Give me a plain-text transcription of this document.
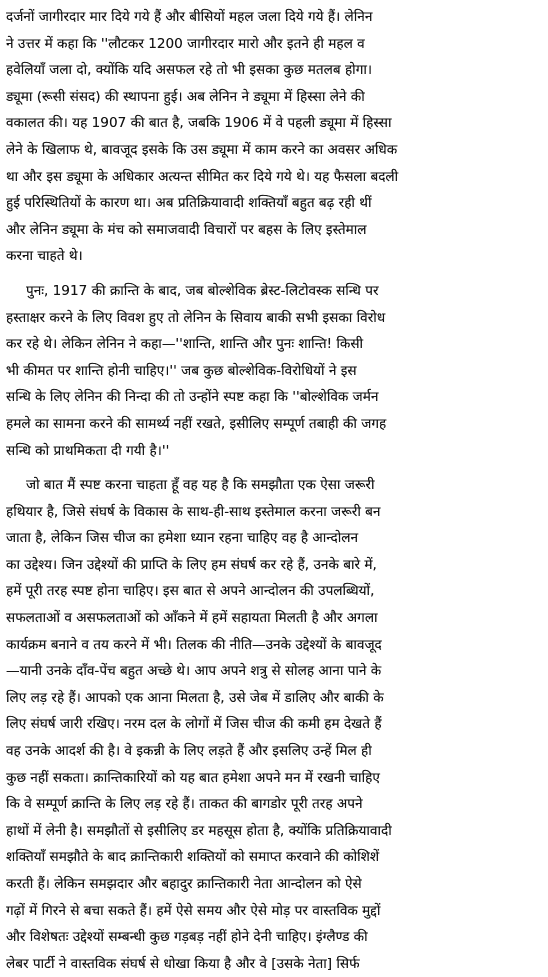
दर्जनों जागीरदार मार दिये गये हैं और बीसियों महल जला दिये गये हैं। लेनिन
ने उत्तर में कहा कि ''लौटकर 1200 जागीरदार मारो और इतने ही महल व
हवेलियाँ जला दो, क्योंकि यदि असफल रहे तो भी इसका कुछ मतलब होगा।
ड्यूमा (रूसी संसद) की स्थापना हुई। अब लेनिन ने ड्यूमा में हिस्सा लेने की
वकालत की। यह 1907 की बात है, जबकि 1906 में वे पहली ड्यूमा में हिस्सा
लेने के खिलाफ थे, बावजूद इसके कि उस ड्यूमा में काम करने का अवसर अधिक
था और इस ड्यूमा के अधिकार अत्यन्त सीमित कर दिये गये थे। यह फैसला बदली
हुई परिस्थितियों के कारण था। अब प्रतिक्रियावादी शक्तियाँ बहुत बढ़ रही थीं
और लेनिन ड्यूमा के मंच को समाजवादी विचारों पर बहस के लिए इस्तेमाल
करना चाहते थे।
पुनः, 1917 की क्रान्ति के बाद, जब बोल्शेविक ब्रेस्ट-लिटोवस्क सन्धि पर
हस्ताक्षर करने के लिए विवश हुए तो लेनिन के सिवाय बाकी सभी इसका विरोध
कर रहे थे। लेकिन लेनिन ने कहा—''शान्ति, शान्ति और पुनः शान्ति! किसी
भी कीमत पर शान्ति होनी चाहिए।'' जब कुछ बोल्शेविक-विरोधियों ने इस
सन्धि के लिए लेनिन की निन्दा की तो उन्होंने स्पष्ट कहा कि ''बोल्शेविक जर्मन
हमले का सामना करने की सामर्थ्य नहीं रखते, इसीलिए सम्पूर्ण तबाही की जगह
सन्धि को प्राथमिकता दी गयी है।''
जो बात मैं स्पष्ट करना चाहता हूँ वह यह है कि समझौता एक ऐसा जरूरी
हथियार है, जिसे संघर्ष के विकास के साथ-ही-साथ इस्तेमाल करना जरूरी बन
जाता है, लेकिन जिस चीज का हमेशा ध्यान रहना चाहिए वह है आन्दोलन
का उद्देश्य। जिन उद्देश्यों की प्राप्ति के लिए हम संघर्ष कर रहे हैं, उनके बारे में,
हमें पूरी तरह स्पष्ट होना चाहिए। इस बात से अपने आन्दोलन की उपलब्धियों,
सफलताओं व असफलताओं को आँकने में हमें सहायता मिलती है और अगला
कार्यक्रम बनाने व तय करने में भी। तिलक की नीति—उनके उद्देश्यों के बावजूद
—यानी उनके दाँव-पेंच बहुत अच्छे थे। आप अपने शत्रु से सोलह आना पाने के
लिए लड़ रहे हैं। आपको एक आना मिलता है, उसे जेब में डालिए और बाकी के
लिए संघर्ष जारी रखिए। नरम दल के लोगों में जिस चीज की कमी हम देखते हैं
वह उनके आदर्श की है। वे इकन्नी के लिए लड़ते हैं और इसलिए उन्हें मिल ही
कुछ नहीं सकता। क्रान्तिकारियों को यह बात हमेशा अपने मन में रखनी चाहिए
कि वे सम्पूर्ण क्रान्ति के लिए लड़ रहे हैं। ताकत की बागडोर पूरी तरह अपने
हाथों में लेनी है। समझौतों से इसीलिए डर महसूस होता है, क्योंकि प्रतिक्रियावादी
शक्तियाँ समझौते के बाद क्रान्तिकारी शक्तियों को समाप्त करवाने की कोशिशें
करती हैं। लेकिन समझदार और बहादुर क्रान्तिकारी नेता आन्दोलन को ऐसे
गढ़ों में गिरने से बचा सकते हैं। हमें ऐसे समय और ऐसे मोड़ पर वास्तविक मुद्दों
और विशेषतः उद्देश्यों सम्बन्धी कुछ गड़बड़ नहीं होने देनी चाहिए। इंग्लैण्ड की
लेबर पार्टी ने वास्तविक संघर्ष से धोखा किया है और वे [उसके नेता] सिर्फ
